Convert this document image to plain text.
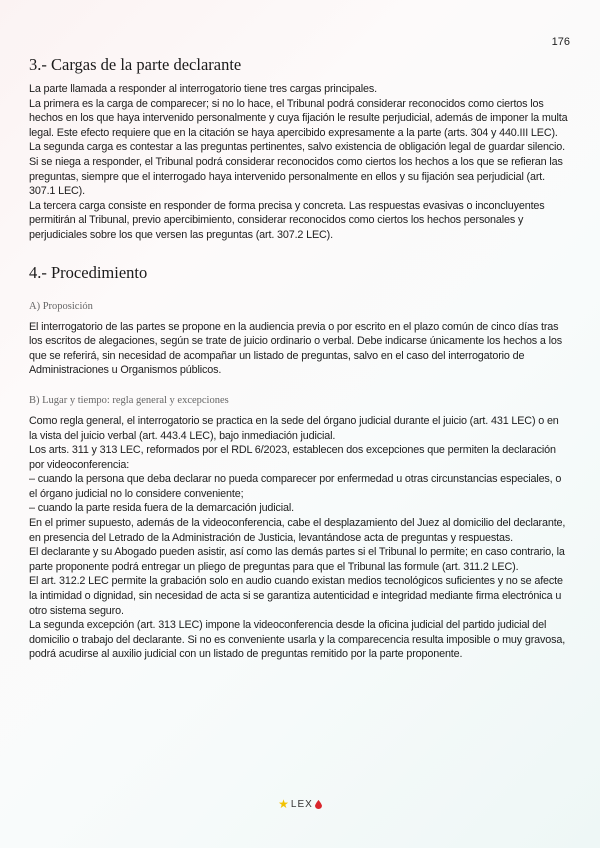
176
3.- Cargas de la parte declarante

La parte llamada a responder al interrogatorio tiene tres cargas principales.

La primera es la carga de comparecer; si no lo hace, el Tribunal podrá considerar reconocidos como ciertos los hechos en los que haya intervenido personalmente y cuya fijación le resulte perjudicial, además de imponer la multa legal. Este efecto requiere que en la citación se haya apercibido expresamente a la parte (arts. 304 y 440.III LEC).

La segunda carga es contestar a las preguntas pertinentes, salvo existencia de obligación legal de guardar silencio. Si se niega a responder, el Tribunal podrá considerar reconocidos como ciertos los hechos a los que se refieran las preguntas, siempre que el interrogado haya intervenido personalmente en ellos y su fijación sea perjudicial (art. 307.1 LEC).

La tercera carga consiste en responder de forma precisa y concreta. Las respuestas evasivas o inconcluyentes permitirán al Tribunal, previo apercibimiento, considerar reconocidos como ciertos los hechos personales y perjudiciales sobre los que versen las preguntas (art. 307.2 LEC).

4.- Procedimiento
A) Proposición

El interrogatorio de las partes se propone en la audiencia previa o por escrito en el plazo común de cinco días tras los escritos de alegaciones, según se trate de juicio ordinario o verbal. Debe indicarse únicamente los hechos a los que se referirá, sin necesidad de acompañar un listado de preguntas, salvo en el caso del interrogatorio de Administraciones u Organismos públicos.

B) Lugar y tiempo: regla general y excepciones

Como regla general, el interrogatorio se practica en la sede del órgano judicial durante el juicio (art. 431 LEC) o en la vista del juicio verbal (art. 443.4 LEC), bajo inmediación judicial.

Los arts. 311 y 313 LEC, reformados por el RDL 6/2023, establecen dos excepciones que permiten la declaración por videoconferencia:

– cuando la persona que deba declarar no pueda comparecer por enfermedad u otras circunstancias especiales, o el órgano judicial no lo considere conveniente;

– cuando la parte resida fuera de la demarcación judicial.

En el primer supuesto, además de la videoconferencia, cabe el desplazamiento del Juez al domicilio del declarante, en presencia del Letrado de la Administración de Justicia, levantándose acta de preguntas y respuestas.

El declarante y su Abogado pueden asistir, así como las demás partes si el Tribunal lo permite; en caso contrario, la parte proponente podrá entregar un pliego de preguntas para que el Tribunal las formule (art. 311.2 LEC).

El art. 312.2 LEC permite la grabación solo en audio cuando existan medios tecnológicos suficientes y no se afecte la intimidad o dignidad, sin necesidad de acta si se garantiza autenticidad e integridad mediante firma electrónica u otro sistema seguro.

La segunda excepción (art. 313 LEC) impone la videoconferencia desde la oficina judicial del partido judicial del domicilio o trabajo del declarante. Si no es conveniente usarla y la comparecencia resulta imposible o muy gravosa, podrá acudirse al auxilio judicial con un listado de preguntas remitido por la parte proponente.

★ LEX
